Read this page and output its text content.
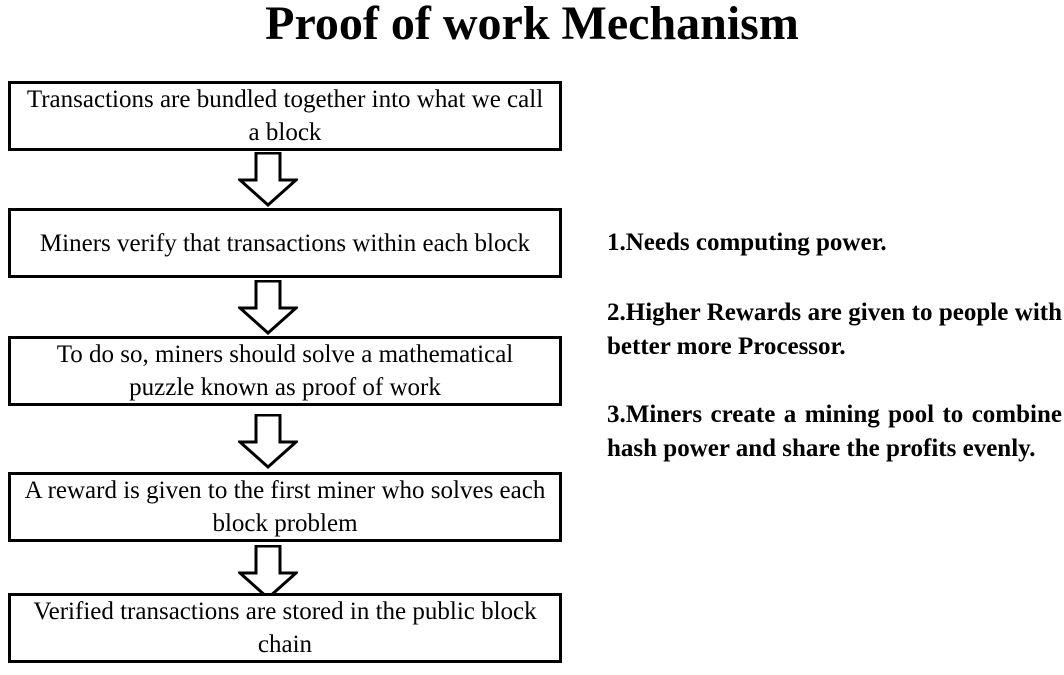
Proof of work Mechanism
Transactions are bundled together into what we call a block
Miners verify that transactions within each block
To do so, miners should solve a mathematical puzzle known as proof of work
A reward is given to the first miner who solves each block problem
Verified transactions are stored in the public block chain

1.Needs computing power.

2.Higher Rewards are given to people with better more Processor.

3.Miners create a mining pool to combine hash power and share the profits evenly.
